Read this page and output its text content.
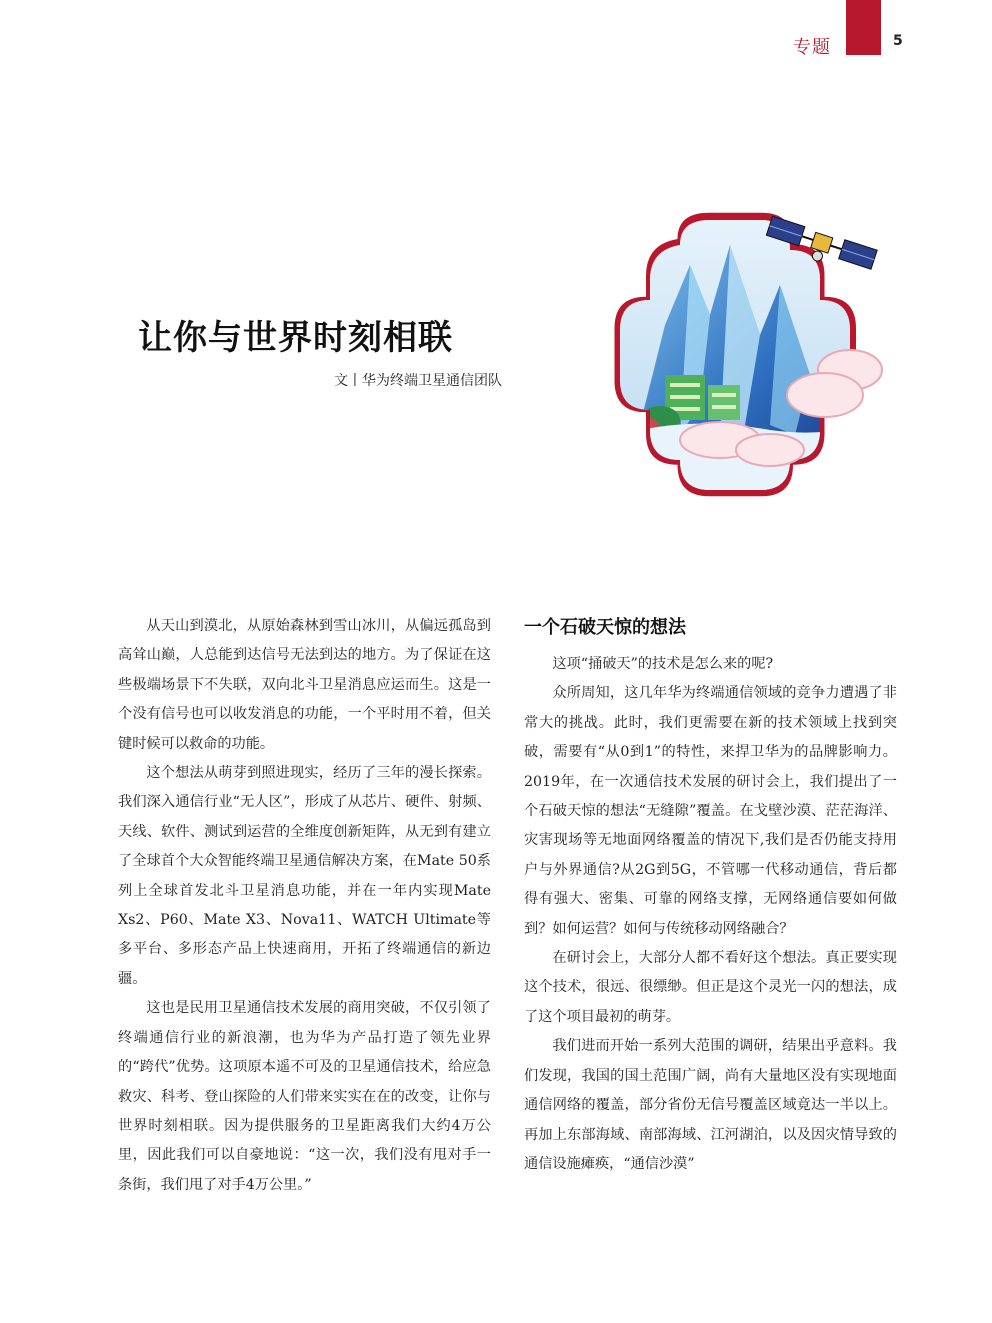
专题	5
让你与世界时刻相联
文丨华为终端卫星通信团队

从天山到漠北，从原始森林到雪山冰川，从偏远孤岛到高耸山巅，人总能到达信号无法到达的地方。为了保证在这些极端场景下不失联，双向北斗卫星消息应运而生。这是一个没有信号也可以收发消息的功能，一个平时用不着，但关键时候可以救命的功能。

这个想法从萌芽到照进现实，经历了三年的漫长探索。我们深入通信行业“无人区”，形成了从芯片、硬件、射频、天线、软件、测试到运营的全维度创新矩阵，从无到有建立了全球首个大众智能终端卫星通信解决方案，在Mate 50系列上全球首发北斗卫星消息功能，并在一年内实现Mate Xs2、P60、Mate X3、Nova11、WATCH Ultimate等多平台、多形态产品上快速商用，开拓了终端通信的新边疆。

这也是民用卫星通信技术发展的商用突破，不仅引领了终端通信行业的新浪潮，也为华为产品打造了领先业界的“跨代”优势。这项原本遥不可及的卫星通信技术，给应急救灾、科考、登山探险的人们带来实实在在的改变，让你与世界时刻相联。因为提供服务的卫星距离我们大约4万公里，因此我们可以自豪地说：“这一次，我们没有甩对手一条街，我们甩了对手4万公里。”

一个石破天惊的想法

这项“捅破天”的技术是怎么来的呢?

众所周知，这几年华为终端通信领域的竞争力遭遇了非常大的挑战。此时，我们更需要在新的技术领域上找到突破，需要有“从0到1”的特性，来捍卫华为的品牌影响力。2019年，在一次通信技术发展的研讨会上，我们提出了一个石破天惊的想法“无缝隙”覆盖。在戈壁沙漠、茫茫海洋、灾害现场等无地面网络覆盖的情况下,我们是否仍能支持用户与外界通信?从2G到5G，不管哪一代移动通信，背后都得有强大、密集、可靠的网络支撑，无网络通信要如何做到？如何运营？如何与传统移动网络融合？

在研讨会上，大部分人都不看好这个想法。真正要实现这个技术，很远、很缥缈。但正是这个灵光一闪的想法，成了这个项目最初的萌芽。

我们进而开始一系列大范围的调研，结果出乎意料。我们发现，我国的国土范围广阔，尚有大量地区没有实现地面通信网络的覆盖，部分省份无信号覆盖区域竟达一半以上。再加上东部海域、南部海域、江河湖泊，以及因灾情导致的通信设施瘫痪，“通信沙漠”
